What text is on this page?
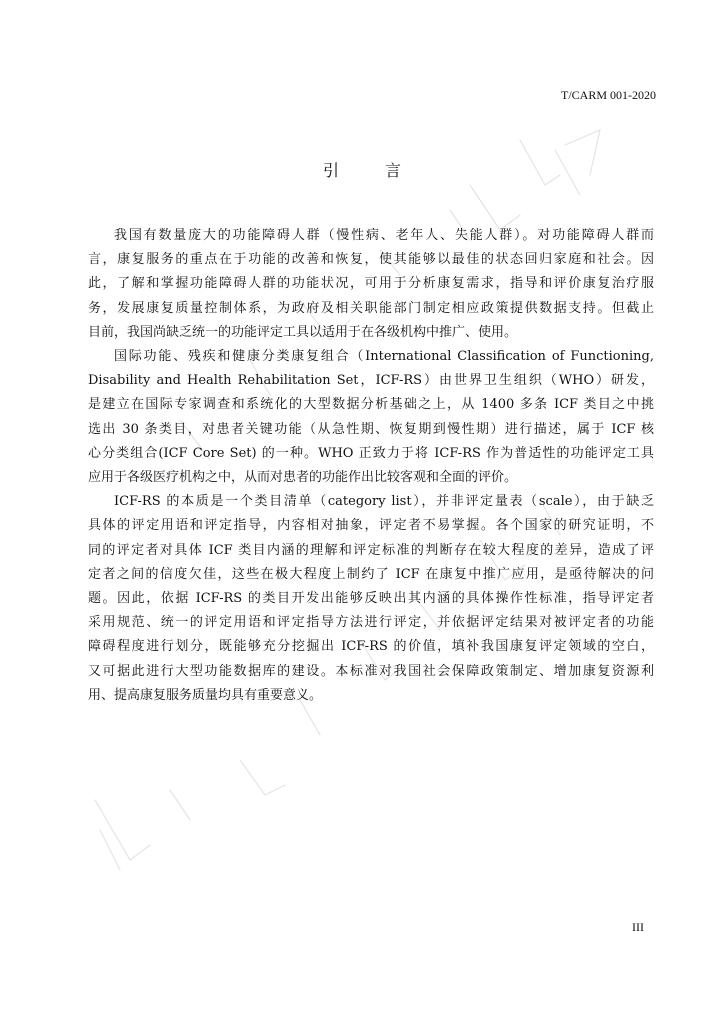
T/CARM 001-2020
引	言
我国有数量庞大的功能障碍人群（慢性病、老年人、失能人群）。对功能障碍人群而
言，康复服务的重点在于功能的改善和恢复，使其能够以最佳的状态回归家庭和社会。因
此，了解和掌握功能障碍人群的功能状况，可用于分析康复需求，指导和评价康复治疗服
务，发展康复质量控制体系，为政府及相关职能部门制定相应政策提供数据支持。但截止
目前，我国尚缺乏统一的功能评定工具以适用于在各级机构中推广、使用。
国际功能、残疾和健康分类康复组合（International Classification of Functioning,
Disability and Health Rehabilitation Set，ICF-RS）由世界卫生组织（WHO）研发，
是建立在国际专家调查和系统化的大型数据分析基础之上，从 1400 多条 ICF 类目之中挑
选出 30 条类目，对患者关键功能（从急性期、恢复期到慢性期）进行描述，属于 ICF 核
心分类组合(ICF Core Set) 的一种。WHO 正致力于将 ICF-RS 作为普适性的功能评定工具
应用于各级医疗机构之中，从而对患者的功能作出比较客观和全面的评价。
ICF-RS 的本质是一个类目清单（category list），并非评定量表（scale），由于缺乏
具体的评定用语和评定指导，内容相对抽象，评定者不易掌握。各个国家的研究证明，不
同的评定者对具体 ICF 类目内涵的理解和评定标准的判断存在较大程度的差异，造成了评
定者之间的信度欠佳，这些在极大程度上制约了 ICF 在康复中推广应用，是亟待解决的问
题。因此，依据 ICF-RS 的类目开发出能够反映出其内涵的具体操作性标准，指导评定者
采用规范、统一的评定用语和评定指导方法进行评定，并依据评定结果对被评定者的功能
障碍程度进行划分，既能够充分挖掘出 ICF-RS 的价值，填补我国康复评定领域的空白，
又可据此进行大型功能数据库的建设。本标准对我国社会保障政策制定、增加康复资源利
用、提高康复服务质量均具有重要意义。
III
